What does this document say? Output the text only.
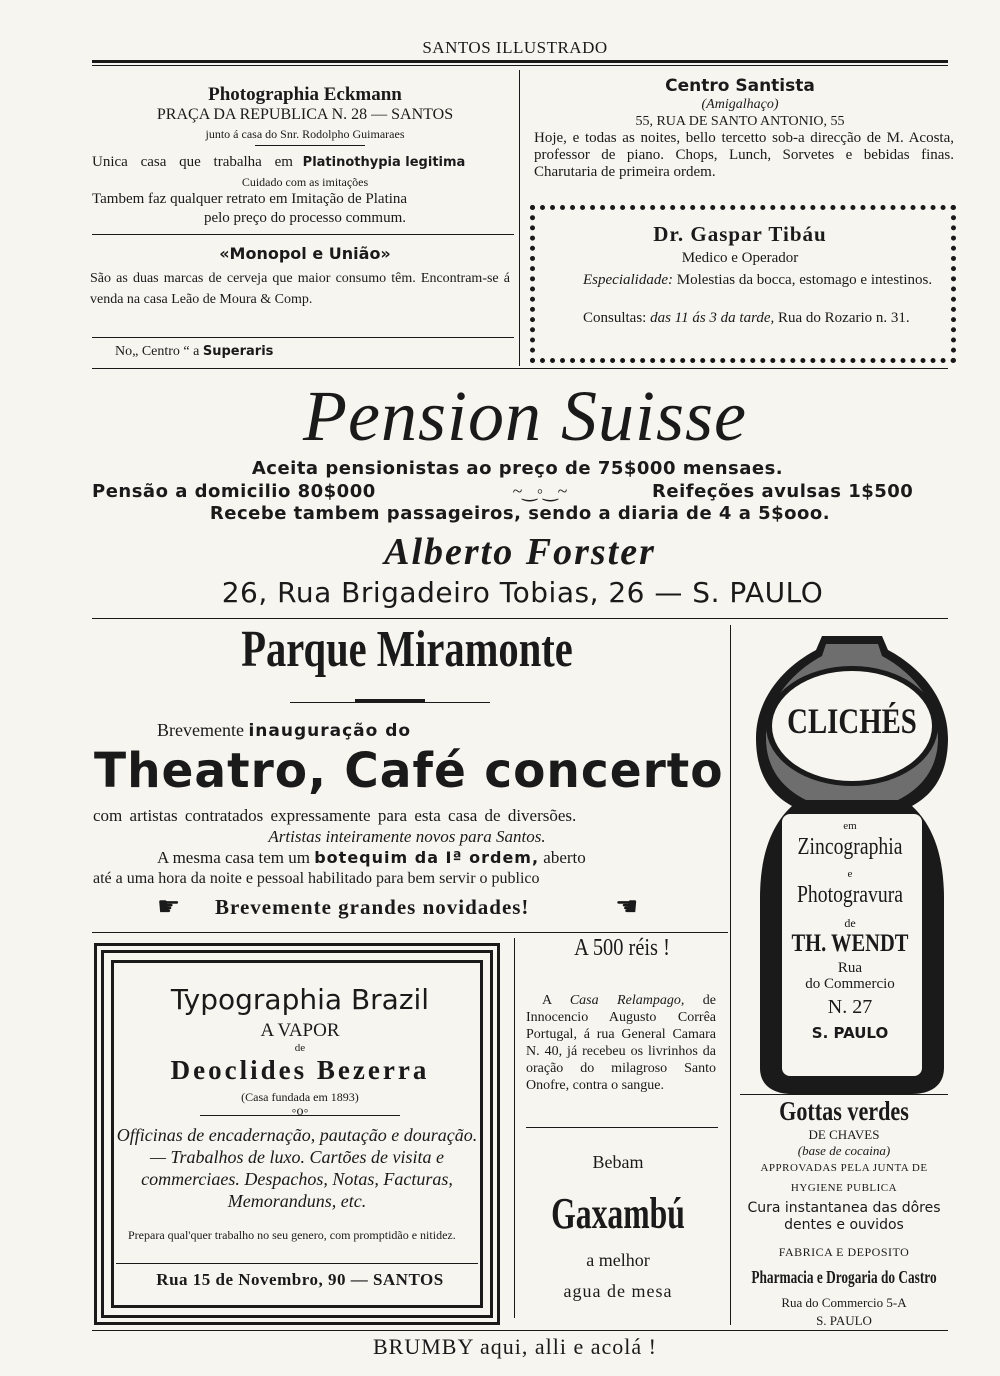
SANTOS ILLUSTRADO
Photographia Eckmann
PRAÇA DA REPUBLICA N. 28 — SANTOS
junto á casa do Snr. Rodolpho Guimaraes
Unica casa que trabalha em Platinothypia legitima
Cuidado com as imitações
Tambem faz qualquer retrato em Imitação de Platina
pelo preço do processo commum.
«Monopol e União»
São as duas marcas de cerveja que maior consumo têm. Encontram-se á venda na casa Leão de Moura & Comp.
No„ Centro “ a Superaris
Centro Santista
(Amigalhaço)
55, RUA DE SANTO ANTONIO, 55
Hoje, e todas as noites, bello tercetto sob-a direcção de M. Acosta, professor de piano. Chops, Lunch, Sorvetes e bebidas finas. Charutaria de primeira ordem.
Dr. Gaspar Tibáu
Medico e Operador
Especialidade: Molestias da bocca, estomago e intestinos.
Consultas: das 11 ás 3 da tarde, Rua do Rozario n. 31.
Pension Suisse
Aceita pensionistas ao preço de 75$000 mensaes.
Pensão a domicilio 80$000	~‿◦‿~	Reifeções avulsas 1$500
Recebe tambem passageiros, sendo a diaria de 4 a 5$ooo.
Alberto Forster
26, Rua Brigadeiro Tobias, 26 — S. PAULO
Parque Miramonte
Brevemente inauguração do
Theatro, Café concerto
com artistas contratados expressamente para esta casa de diversões.
Artistas inteiramente novos para Santos.
A mesma casa tem um botequim da Iª ordem, aberto
até a uma hora da noite e pessoal habilitado para bem servir o publico
☛ Brevemente grandes novidades!	☛
CLICHÉS
em
Zincographia
e
Photogravura
de
TH. WENDT
Rua
do Commercio
N. 27
S. PAULO
Gottas verdes
DE CHAVES
(base de cocaina)
APPROVADAS PELA JUNTA DE
HYGIENE PUBLICA
Cura instantanea das dôres dentes e ouvidos
FABRICA E DEPOSITO
Pharmacia e Drogaria do Castro
Rua do Commercio 5-A
S. PAULO
Typographia Brazil
A VAPOR
de
Deoclides Bezerra
(Casa fundada em 1893)
◦o◦
Officinas de encadernação, pautação e douração. — Trabalhos de luxo. Cartões de visita e commerciaes. Despachos, Notas, Facturas, Memoranduns, etc.
Prepara qual'quer trabalho no seu genero, com promptidão e nitidez.
Rua 15 de Novembro, 90 — SANTOS
A 500 réis !
A Casa Relampago, de Innocencio Augusto Corrêa Portugal, á rua General Camara N. 40, já recebeu os livrinhos da oração do milagroso Santo Onofre, contra o sangue.
Bebam
Gaxambú
a melhor
agua de mesa
BRUMBY aqui, alli e acolá !
